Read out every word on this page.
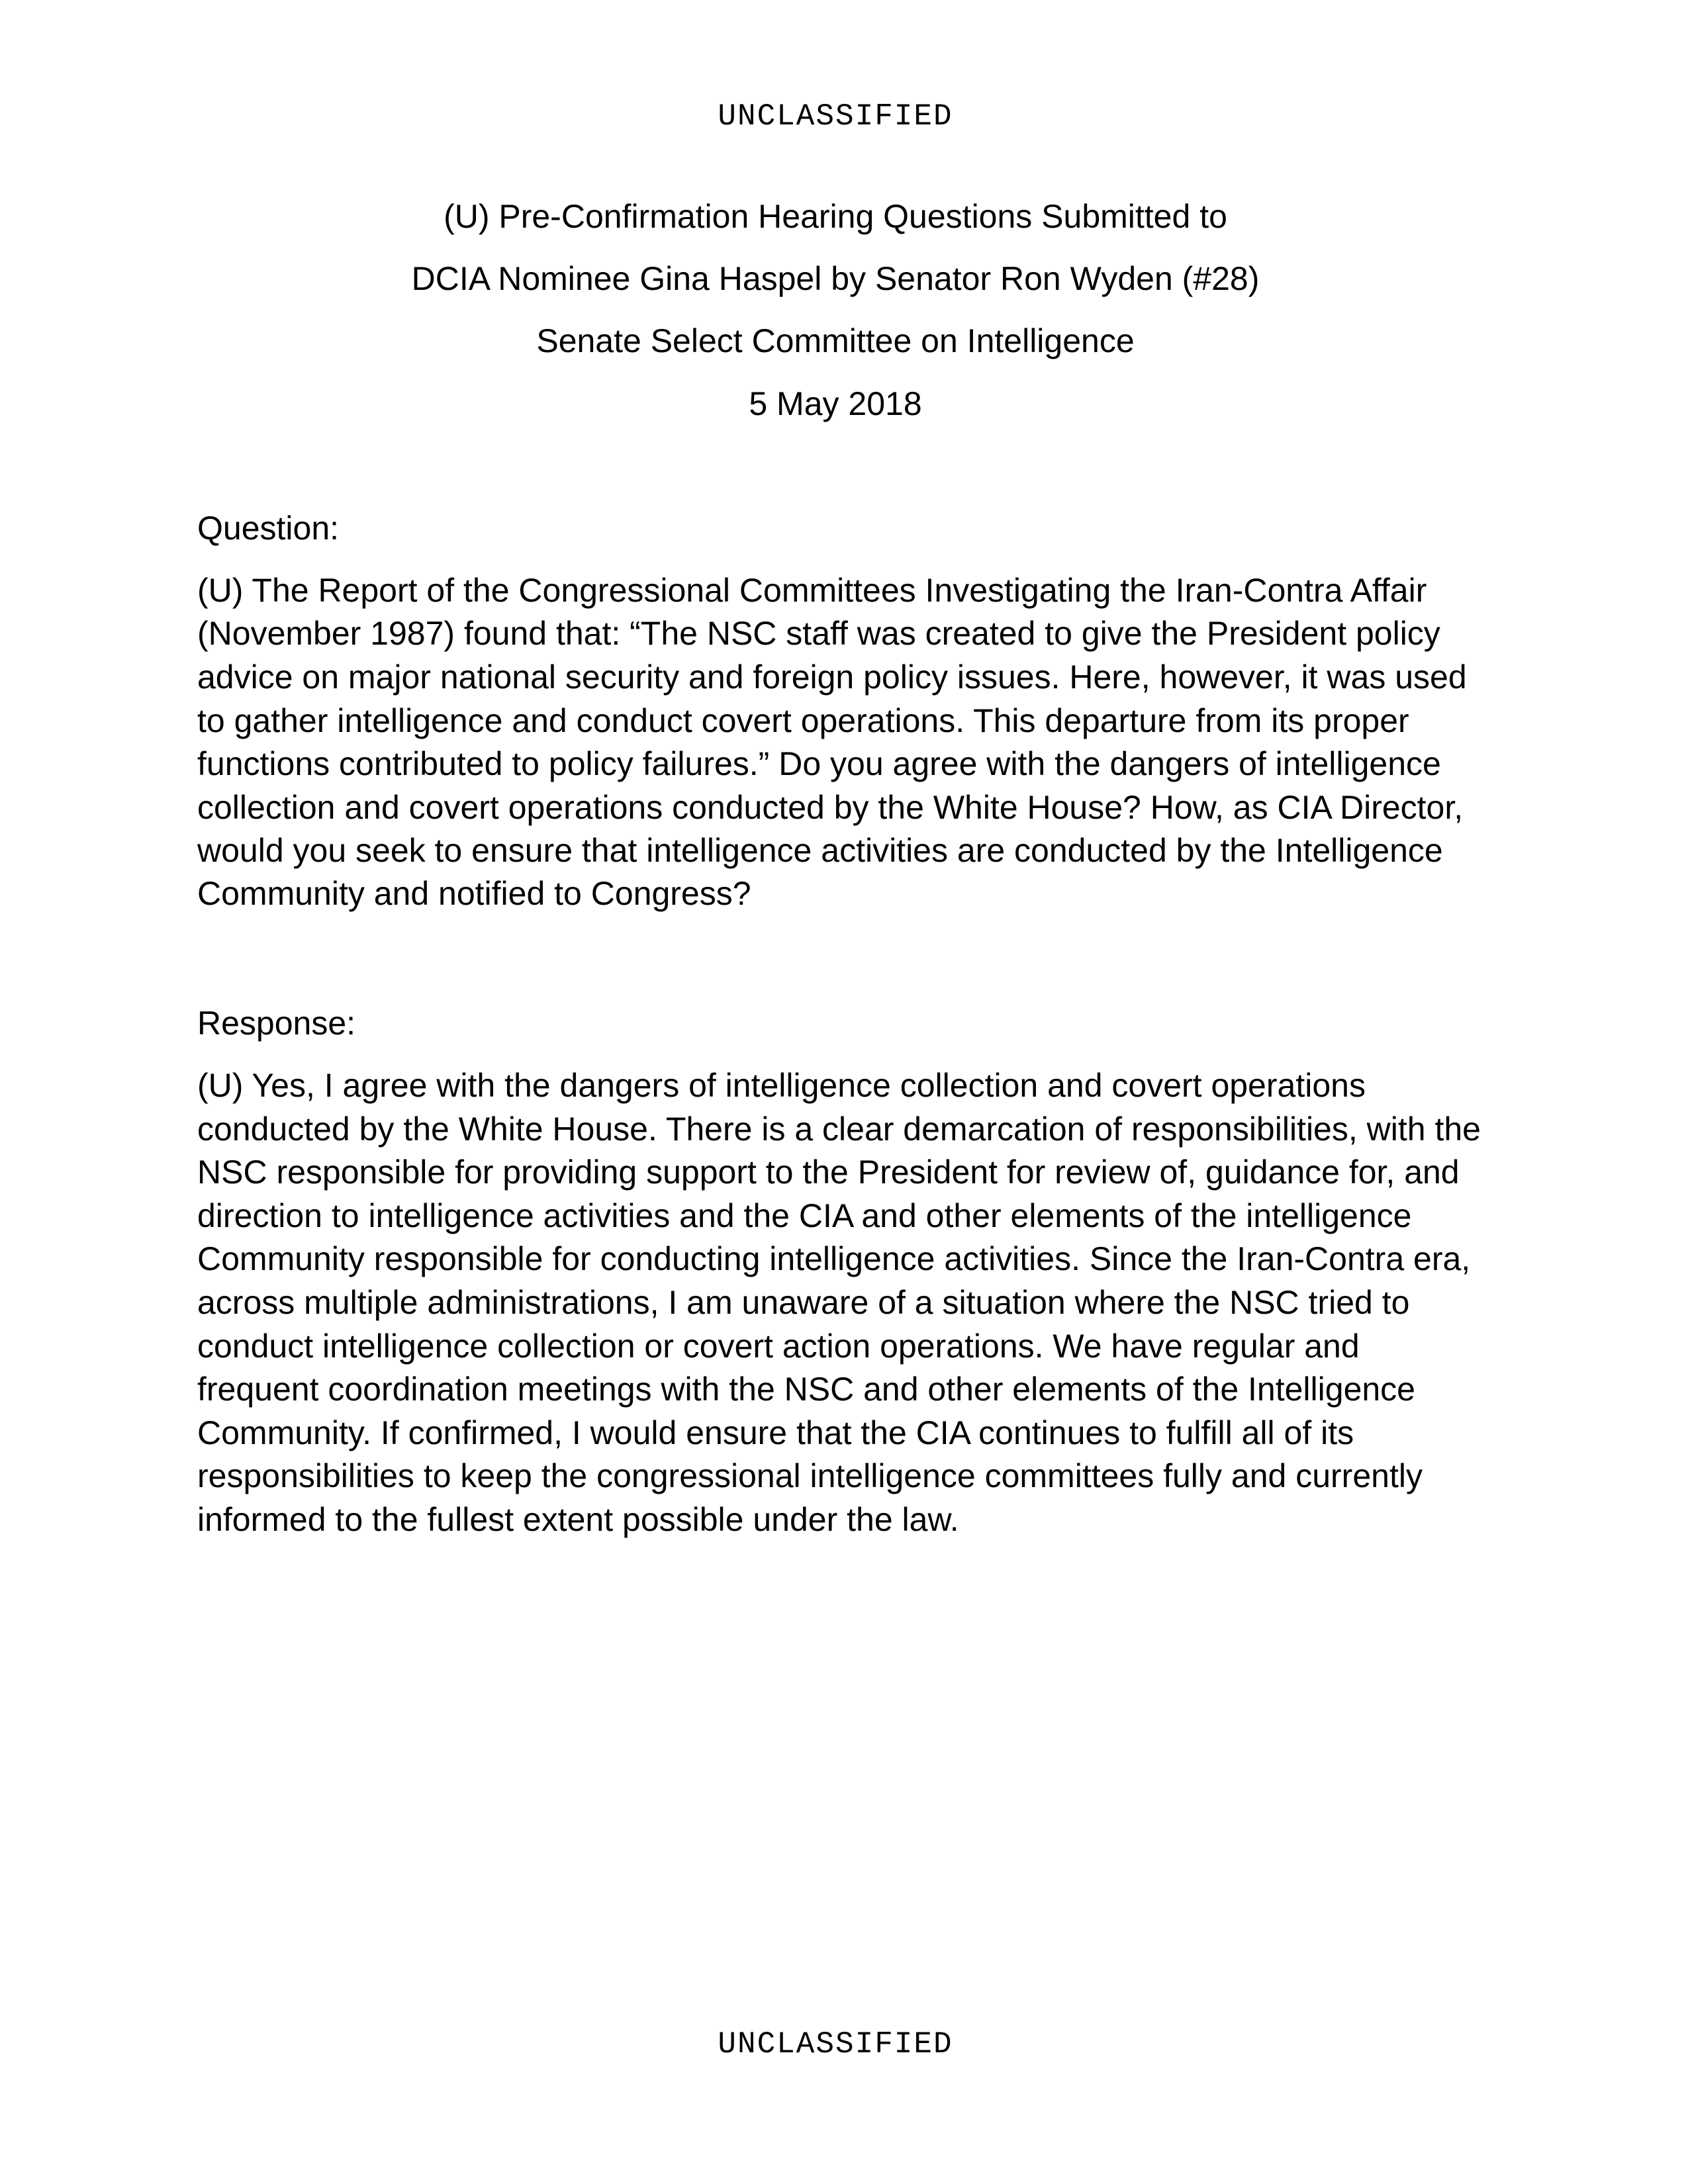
UNCLASSIFIED
(U) Pre-Confirmation Hearing Questions Submitted to
DCIA Nominee Gina Haspel by Senator Ron Wyden (#28)
Senate Select Committee on Intelligence
5 May 2018
Question:
(U) The Report of the Congressional Committees Investigating the Iran-Contra Affair
(November 1987) found that: “The NSC staff was created to give the President policy
advice on major national security and foreign policy issues. Here, however, it was used
to gather intelligence and conduct covert operations. This departure from its proper
functions contributed to policy failures.” Do you agree with the dangers of intelligence
collection and covert operations conducted by the White House? How, as CIA Director,
would you seek to ensure that intelligence activities are conducted by the Intelligence
Community and notified to Congress?
Response:
(U) Yes, I agree with the dangers of intelligence collection and covert operations
conducted by the White House. There is a clear demarcation of responsibilities, with the
NSC responsible for providing support to the President for review of, guidance for, and
direction to intelligence activities and the CIA and other elements of the intelligence
Community responsible for conducting intelligence activities. Since the Iran-Contra era,
across multiple administrations, I am unaware of a situation where the NSC tried to
conduct intelligence collection or covert action operations. We have regular and
frequent coordination meetings with the NSC and other elements of the Intelligence
Community. If confirmed, I would ensure that the CIA continues to fulfill all of its
responsibilities to keep the congressional intelligence committees fully and currently
informed to the fullest extent possible under the law.
UNCLASSIFIED
